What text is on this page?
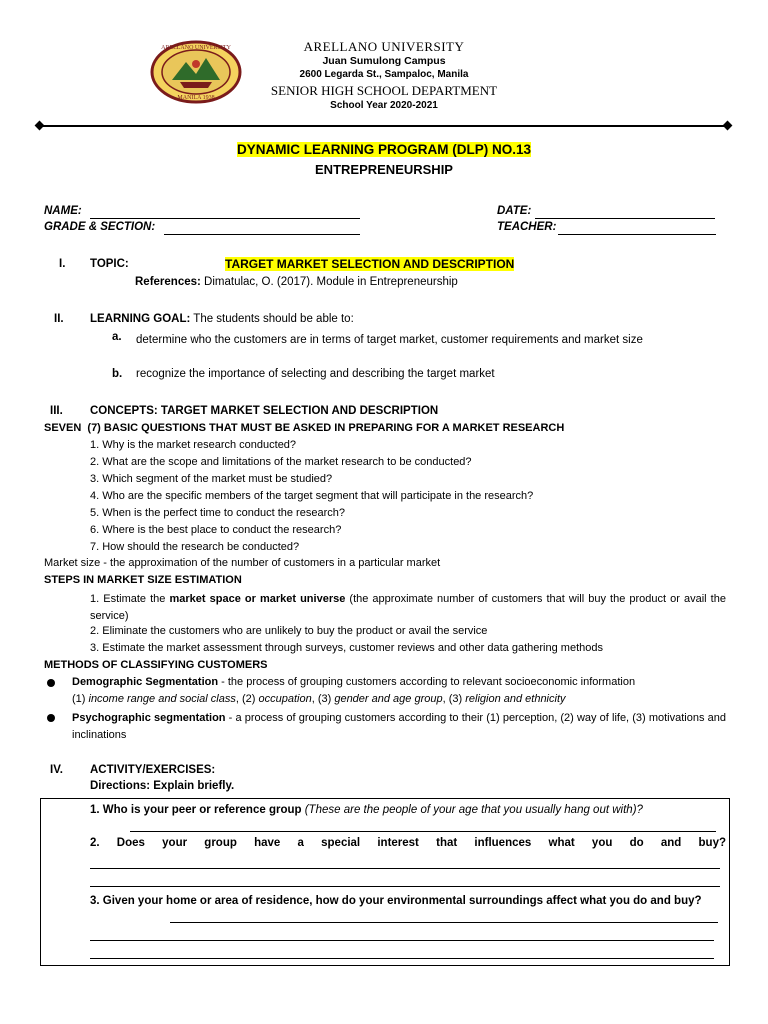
ARELLANO UNIVERSITY
MANILA 1938
ARELLANO UNIVERSITY
Juan Sumulong Campus
2600 Legarda St., Sampaloc, Manila
SENIOR HIGH SCHOOL DEPARTMENT
School Year 2020-2021
DYNAMIC LEARNING PROGRAM (DLP) NO.13
ENTREPRENEURSHIP
NAME:	DATE:
GRADE & SECTION:	TEACHER:
I. TOPIC:	TARGET MARKET SELECTION AND DESCRIPTION
References: Dimatulac, O. (2017). Module in Entrepreneurship
II. LEARNING GOAL: The students should be able to:
a. determine who the customers are in terms of target market, customer requirements and market size
b. recognize the importance of selecting and describing the target market
III. CONCEPTS: TARGET MARKET SELECTION AND DESCRIPTION
SEVEN  (7) BASIC QUESTIONS THAT MUST BE ASKED IN PREPARING FOR A MARKET RESEARCH
1. Why is the market research conducted?
2. What are the scope and limitations of the market research to be conducted?
3. Which segment of the market must be studied?
4. Who are the specific members of the target segment that will participate in the research?
5. When is the perfect time to conduct the research?
6. Where is the best place to conduct the research?
7. How should the research be conducted?
Market size - the approximation of the number of customers in a particular market
STEPS IN MARKET SIZE ESTIMATION
1. Estimate the market space or market universe (the approximate number of customers that will buy the product or avail the service)
2. Eliminate the customers who are unlikely to buy the product or avail the service
3. Estimate the market assessment through surveys, customer reviews and other data gathering methods
METHODS OF CLASSIFYING CUSTOMERS
Demographic Segmentation - the process of grouping customers according to relevant socioeconomic information
(1) income range and social class, (2) occupation, (3) gender and age group, (3) religion and ethnicity
Psychographic segmentation - a process of grouping customers according to their (1) perception, (2) way of life, (3) motivations and inclinations
IV. ACTIVITY/EXERCISES:
Directions: Explain briefly.
1. Who is your peer or reference group (These are the people of your age that you usually hang out with)?
2. Does your group have a special interest that influences what you do and buy?
3. Given your home or area of residence, how do your environmental surroundings affect what you do and buy?
